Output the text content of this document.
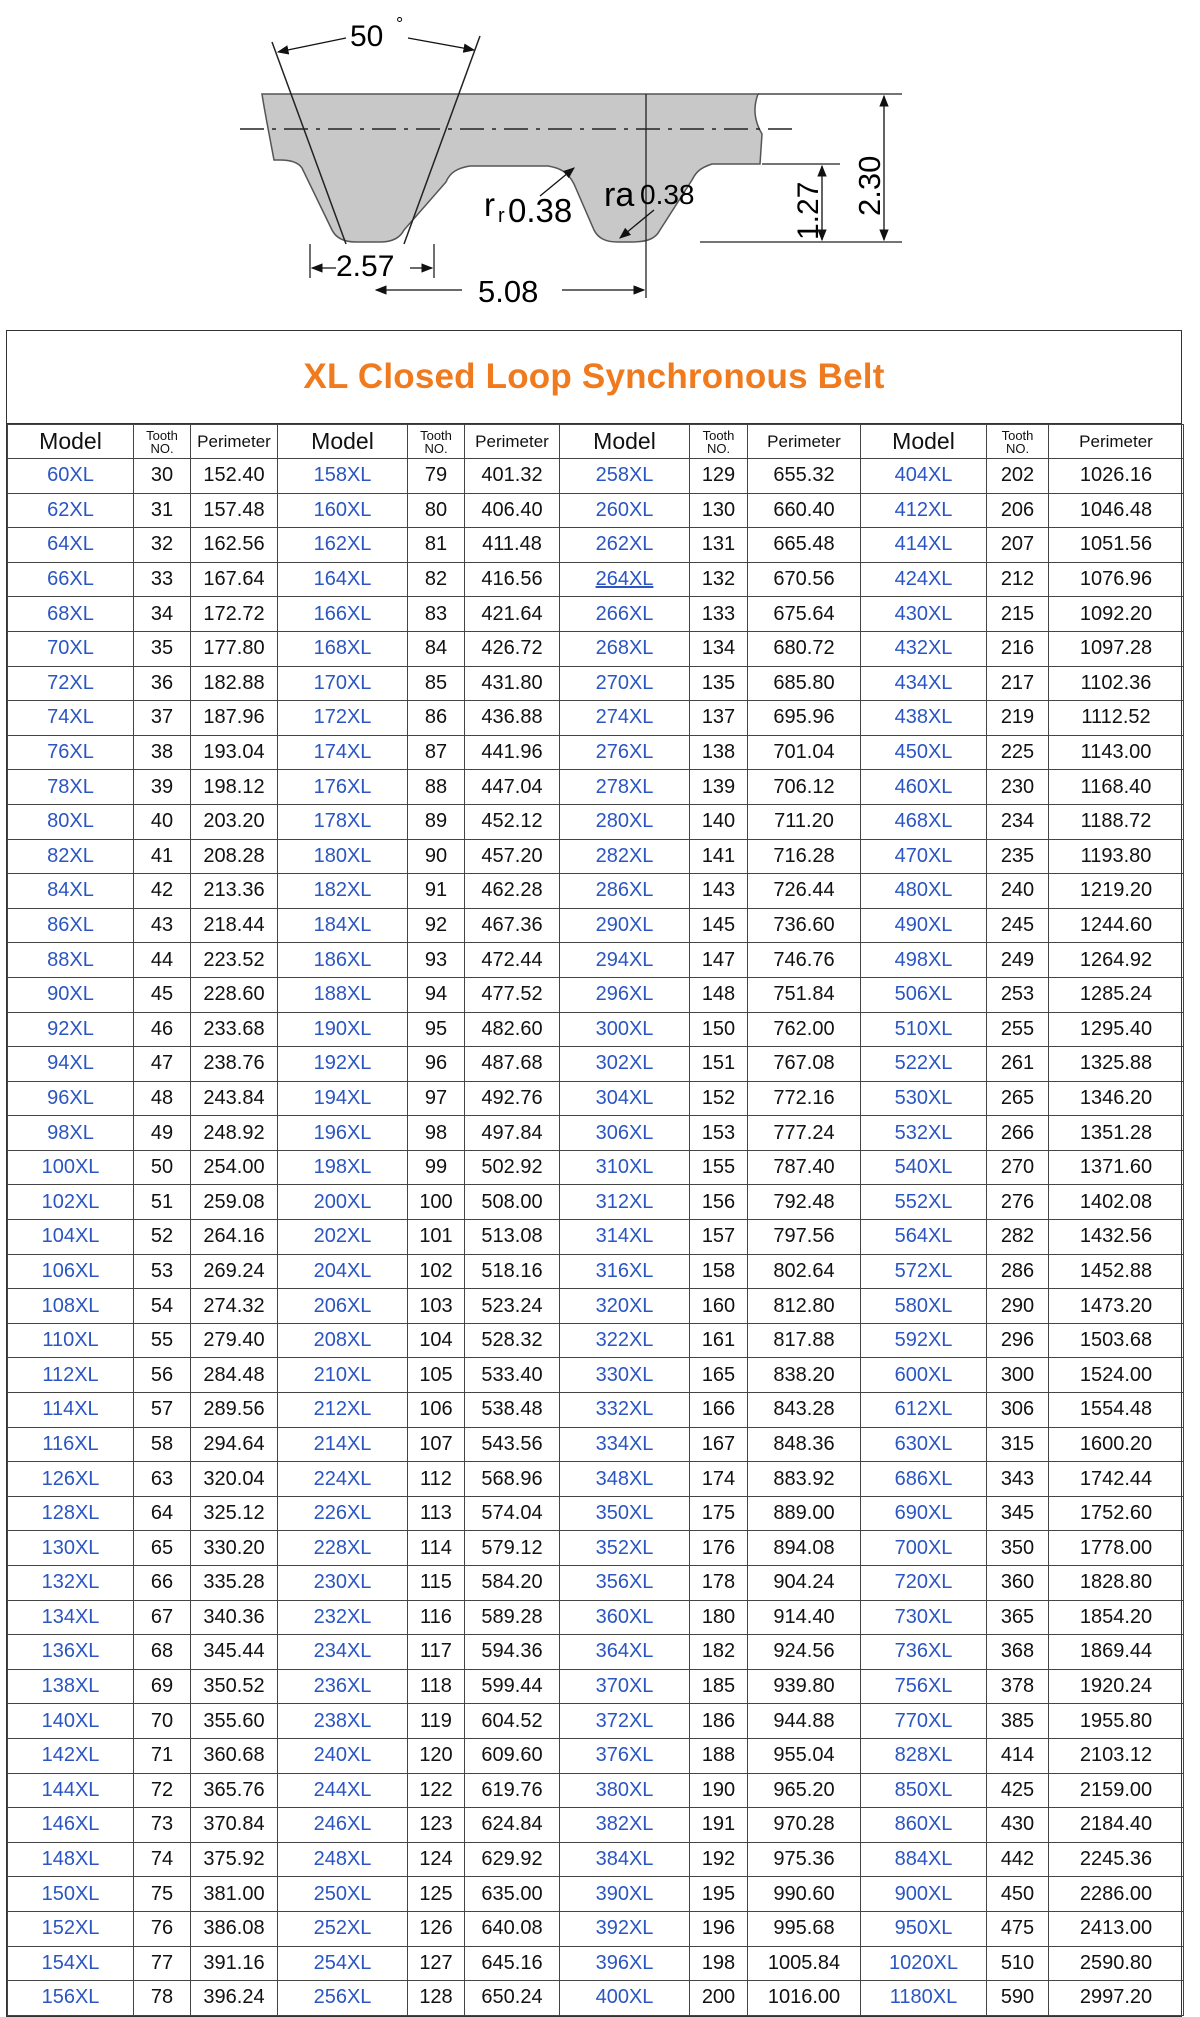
50 °
2.57
5.08
r r 0.38 ra 0.38	1.27 2.30
XL Closed Loop Synchronous Belt
Model	Tooth
NO.	Perimeter	Model	Tooth
NO.	Perimeter	Model	Tooth
NO.	Perimeter	Model	Tooth
NO.	Perimeter
60XL	30	152.40	158XL	79	401.32	258XL	129	655.32	404XL	202	1026.16
62XL	31	157.48	160XL	80	406.40	260XL	130	660.40	412XL	206	1046.48
64XL	32	162.56	162XL	81	411.48	262XL	131	665.48	414XL	207	1051.56
66XL	33	167.64	164XL	82	416.56	264XL	132	670.56	424XL	212	1076.96
68XL	34	172.72	166XL	83	421.64	266XL	133	675.64	430XL	215	1092.20
70XL	35	177.80	168XL	84	426.72	268XL	134	680.72	432XL	216	1097.28
72XL	36	182.88	170XL	85	431.80	270XL	135	685.80	434XL	217	1102.36
74XL	37	187.96	172XL	86	436.88	274XL	137	695.96	438XL	219	1112.52
76XL	38	193.04	174XL	87	441.96	276XL	138	701.04	450XL	225	1143.00
78XL	39	198.12	176XL	88	447.04	278XL	139	706.12	460XL	230	1168.40
80XL	40	203.20	178XL	89	452.12	280XL	140	711.20	468XL	234	1188.72
82XL	41	208.28	180XL	90	457.20	282XL	141	716.28	470XL	235	1193.80
84XL	42	213.36	182XL	91	462.28	286XL	143	726.44	480XL	240	1219.20
86XL	43	218.44	184XL	92	467.36	290XL	145	736.60	490XL	245	1244.60
88XL	44	223.52	186XL	93	472.44	294XL	147	746.76	498XL	249	1264.92
90XL	45	228.60	188XL	94	477.52	296XL	148	751.84	506XL	253	1285.24
92XL	46	233.68	190XL	95	482.60	300XL	150	762.00	510XL	255	1295.40
94XL	47	238.76	192XL	96	487.68	302XL	151	767.08	522XL	261	1325.88
96XL	48	243.84	194XL	97	492.76	304XL	152	772.16	530XL	265	1346.20
98XL	49	248.92	196XL	98	497.84	306XL	153	777.24	532XL	266	1351.28
100XL	50	254.00	198XL	99	502.92	310XL	155	787.40	540XL	270	1371.60
102XL	51	259.08	200XL	100	508.00	312XL	156	792.48	552XL	276	1402.08
104XL	52	264.16	202XL	101	513.08	314XL	157	797.56	564XL	282	1432.56
106XL	53	269.24	204XL	102	518.16	316XL	158	802.64	572XL	286	1452.88
108XL	54	274.32	206XL	103	523.24	320XL	160	812.80	580XL	290	1473.20
110XL	55	279.40	208XL	104	528.32	322XL	161	817.88	592XL	296	1503.68
112XL	56	284.48	210XL	105	533.40	330XL	165	838.20	600XL	300	1524.00
114XL	57	289.56	212XL	106	538.48	332XL	166	843.28	612XL	306	1554.48
116XL	58	294.64	214XL	107	543.56	334XL	167	848.36	630XL	315	1600.20
126XL	63	320.04	224XL	112	568.96	348XL	174	883.92	686XL	343	1742.44
128XL	64	325.12	226XL	113	574.04	350XL	175	889.00	690XL	345	1752.60
130XL	65	330.20	228XL	114	579.12	352XL	176	894.08	700XL	350	1778.00
132XL	66	335.28	230XL	115	584.20	356XL	178	904.24	720XL	360	1828.80
134XL	67	340.36	232XL	116	589.28	360XL	180	914.40	730XL	365	1854.20
136XL	68	345.44	234XL	117	594.36	364XL	182	924.56	736XL	368	1869.44
138XL	69	350.52	236XL	118	599.44	370XL	185	939.80	756XL	378	1920.24
140XL	70	355.60	238XL	119	604.52	372XL	186	944.88	770XL	385	1955.80
142XL	71	360.68	240XL	120	609.60	376XL	188	955.04	828XL	414	2103.12
144XL	72	365.76	244XL	122	619.76	380XL	190	965.20	850XL	425	2159.00
146XL	73	370.84	246XL	123	624.84	382XL	191	970.28	860XL	430	2184.40
148XL	74	375.92	248XL	124	629.92	384XL	192	975.36	884XL	442	2245.36
150XL	75	381.00	250XL	125	635.00	390XL	195	990.60	900XL	450	2286.00
152XL	76	386.08	252XL	126	640.08	392XL	196	995.68	950XL	475	2413.00
154XL	77	391.16	254XL	127	645.16	396XL	198	1005.84	1020XL	510	2590.80
156XL	78	396.24	256XL	128	650.24	400XL	200	1016.00	1180XL	590	2997.20
